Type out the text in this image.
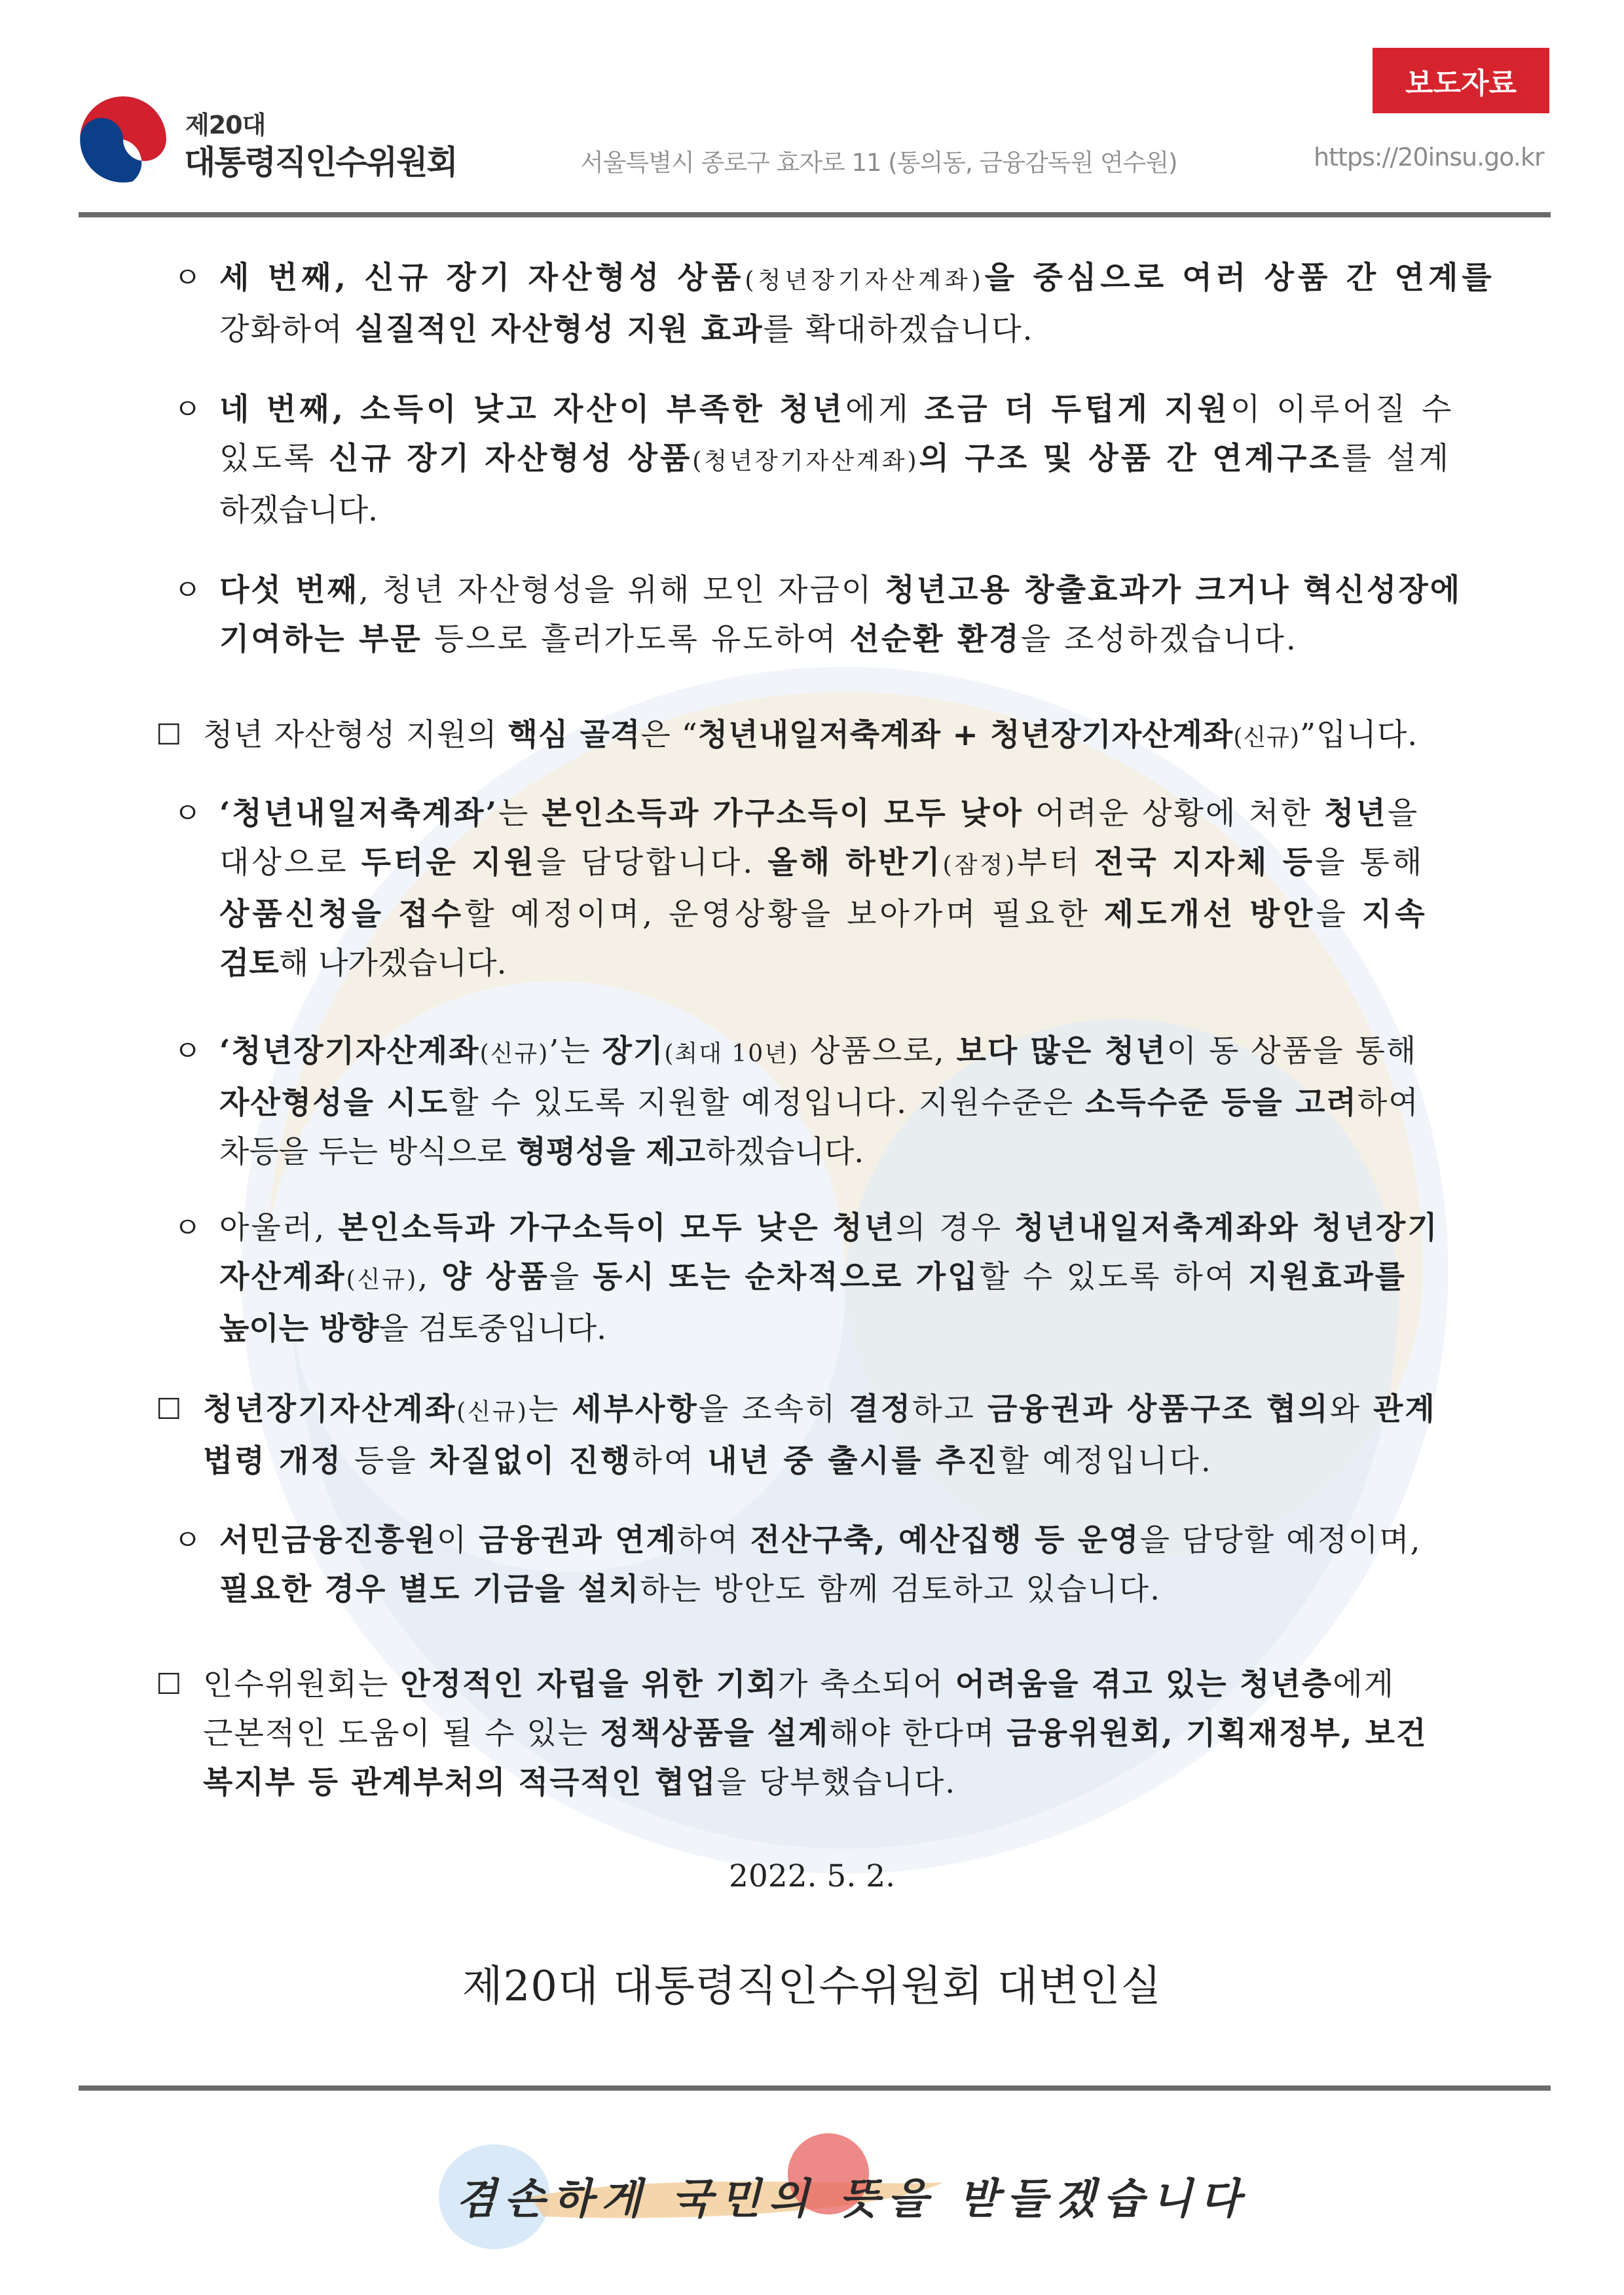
제20대
대통령직인수위원회
보도자료
서울특별시 종로구 효자로 11 (통의동, 금융감독원 연수원)	https://20insu.go.kr
ㅇ 세 번째, 신규 장기 자산형성 상품(청년장기자산계좌)을 중심으로 여러 상품 간 연계를
강화하여 실질적인 자산형성 지원 효과를 확대하겠습니다.
ㅇ 네 번째, 소득이 낮고 자산이 부족한 청년에게 조금 더 두텁게 지원이 이루어질 수
있도록 신규 장기 자산형성 상품(청년장기자산계좌)의 구조 및 상품 간 연계구조를 설계
하겠습니다.
ㅇ 다섯 번째, 청년 자산형성을 위해 모인 자금이 청년고용 창출효과가 크거나 혁신성장에
기여하는 부문 등으로 흘러가도록 유도하여 선순환 환경을 조성하겠습니다.
☐ 청년 자산형성 지원의 핵심 골격은 “청년내일저축계좌 + 청년장기자산계좌(신규)”입니다.
ㅇ ‘청년내일저축계좌’는 본인소득과 가구소득이 모두 낮아 어려운 상황에 처한 청년을
대상으로 두터운 지원을 담당합니다. 올해 하반기(잠정)부터 전국 지자체 등을 통해
상품신청을 접수할 예정이며, 운영상황을 보아가며 필요한 제도개선 방안을 지속
검토해 나가겠습니다.
ㅇ ‘청년장기자산계좌(신규)’는 장기(최대 10년) 상품으로, 보다 많은 청년이 동 상품을 통해
자산형성을 시도할 수 있도록 지원할 예정입니다. 지원수준은 소득수준 등을 고려하여
차등을 두는 방식으로 형평성을 제고하겠습니다.
ㅇ 아울러, 본인소득과 가구소득이 모두 낮은 청년의 경우 청년내일저축계좌와 청년장기
자산계좌(신규), 양 상품을 동시 또는 순차적으로 가입할 수 있도록 하여 지원효과를
높이는 방향을 검토중입니다.
☐ 청년장기자산계좌(신규)는 세부사항을 조속히 결정하고 금융권과 상품구조 협의와 관계
법령 개정 등을 차질없이 진행하여 내년 중 출시를 추진할 예정입니다.
ㅇ 서민금융진흥원이 금융권과 연계하여 전산구축, 예산집행 등 운영을 담당할 예정이며,
필요한 경우 별도 기금을 설치하는 방안도 함께 검토하고 있습니다.
☐ 인수위원회는 안정적인 자립을 위한 기회가 축소되어 어려움을 겪고 있는 청년층에게
근본적인 도움이 될 수 있는 정책상품을 설계해야 한다며 금융위원회, 기획재정부, 보건
복지부 등 관계부처의 적극적인 협업을 당부했습니다.
2022. 5. 2.
제20대 대통령직인수위원회 대변인실
겸손하게 국민의 뜻을 받들겠습니다
